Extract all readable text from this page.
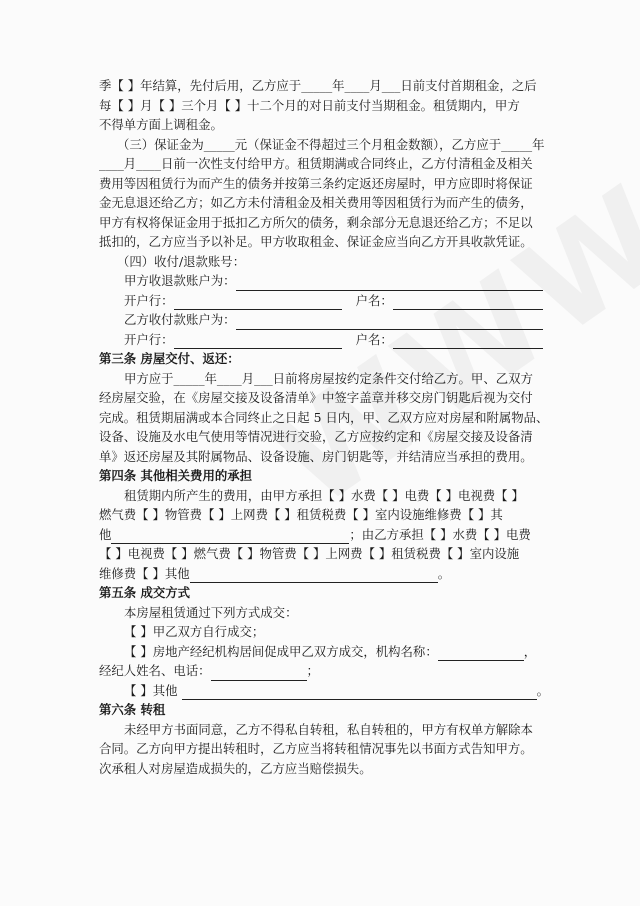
季【 】年结算，先付后用，乙方应于_____年____月___日前支付首期租金，之后
每【 】月【 】三个月【 】十二个月的对日前支付当期租金。租赁期内，甲方
不得单方面上调租金。
（三）保证金为_____元（保证金不得超过三个月租金数额），乙方应于_____年
____月____日前一次性支付给甲方。租赁期满或合同终止，乙方付清租金及相关
费用等因租赁行为而产生的债务并按第三条约定返还房屋时，甲方应即时将保证
金无息退还给乙方；如乙方未付清租金及相关费用等因租赁行为而产生的债务，
甲方有权将保证金用于抵扣乙方所欠的债务，剩余部分无息退还给乙方；不足以
抵扣的，乙方应当予以补足。甲方收取租金、保证金应当向乙方开具收款凭证。
（四）收付/退款账号：
甲方收退款账户为：
开户行：	户名：
乙方收付款账户为：
开户行：	户名：
第三条 房屋交付、返还：
甲方应于_____年____月___日前将房屋按约定条件交付给乙方。甲、乙双方
经房屋交验，在《房屋交接及设备清单》中签字盖章并移交房门钥匙后视为交付
完成。租赁期届满或本合同终止之日起 5 日内，甲、乙双方应对房屋和附属物品、
设备、设施及水电气使用等情况进行交验，乙方应按约定和《房屋交接及设备清
单》返还房屋及其附属物品、设备设施、房门钥匙等，并结清应当承担的费用。
第四条 其他相关费用的承担
租赁期内所产生的费用，由甲方承担【 】水费【 】电费【 】电视费【 】
燃气费【 】物管费【 】上网费【 】租赁税费【 】室内设施维修费【 】其
他	；由乙方承担【 】水费【 】电费
【 】电视费【 】燃气费【 】物管费【 】上网费【 】租赁税费【 】室内设施
维修费【 】其他	。
第五条 成交方式
本房屋租赁通过下列方式成交：
【 】甲乙双方自行成交；
【 】房地产经纪机构居间促成甲乙双方成交，机构名称：	，
经纪人姓名、电话：	；
【 】其他	。
第六条 转租
未经甲方书面同意，乙方不得私自转租，私自转租的，甲方有权单方解除本
合同。乙方向甲方提出转租时，乙方应当将转租情况事先以书面方式告知甲方。
次承租人对房屋造成损失的，乙方应当赔偿损失。
